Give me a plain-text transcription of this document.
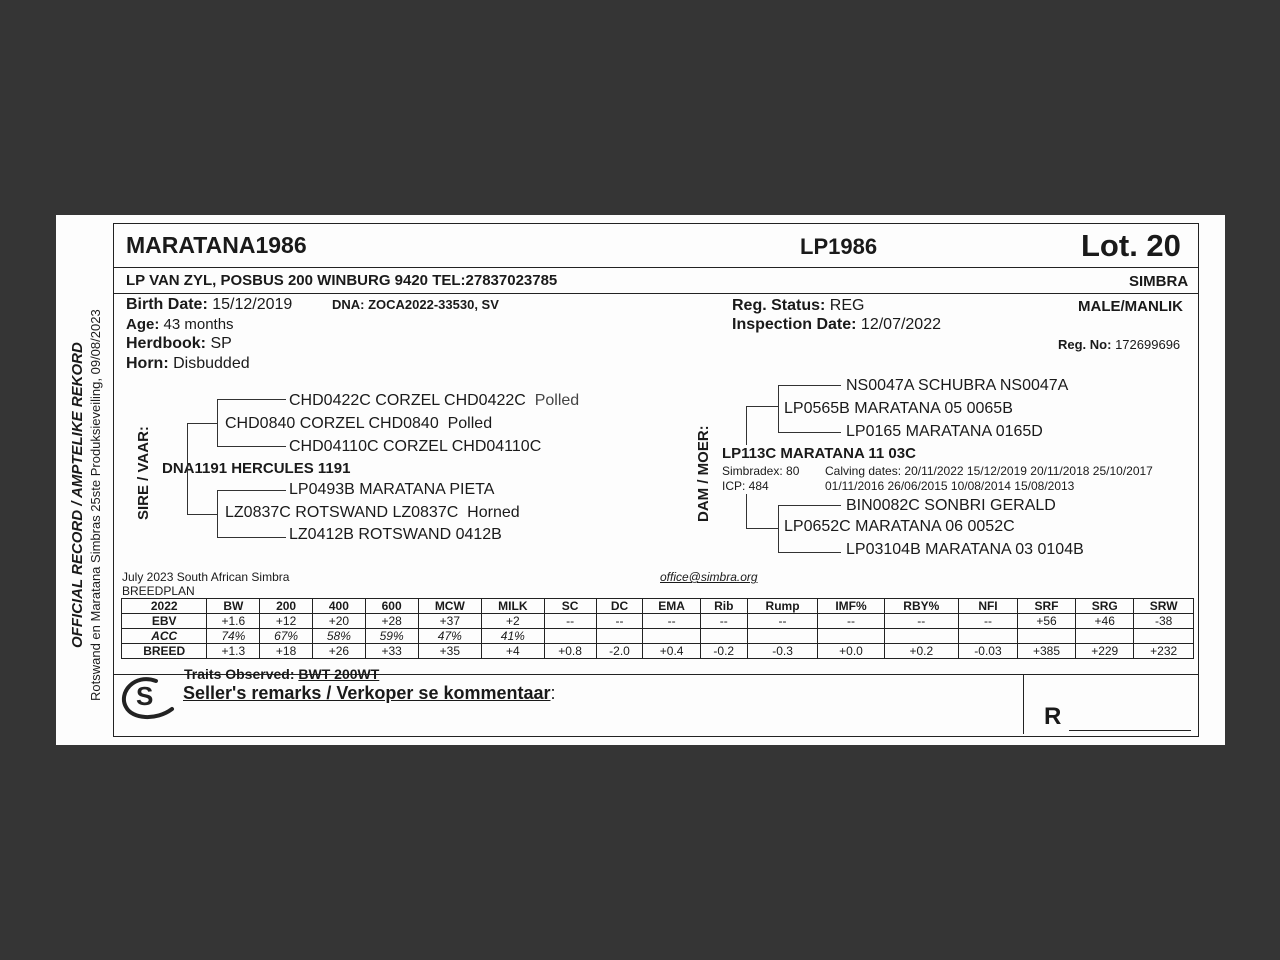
OFFICIAL RECORD / AMPTELIKE REKORD Rotswand en Maratana Simbras 25ste Produksieveiling, 09/08/2023
MARATANA1986	LP1986	Lot. 20
LP VAN ZYL, POSBUS 200 WINBURG 9420 TEL:27837023785	SIMBRA
Birth Date: 15/12/2019	DNA: ZOCA2022-33530, SV
Age: 43 months
Herdbook: SP
Horn: Disbudded
Reg. Status: REG
Inspection Date: 12/07/2022
MALE/MANLIK
Reg. No: 172699696
SIRE / VAAR: DNA1191 HERCULES 1191
CHD0840 CORZEL CHD0840 Polled
CHD0422C CORZEL CHD0422C Polled
CHD04110C CORZEL CHD04110C
LZ0837C ROTSWAND LZ0837C Horned
LP0493B MARATANA PIETA
LZ0412B ROTSWAND 0412B
DAM / MOER: LP113C MARATANA 11 03C
Simbradex: 80
ICP: 484
Calving dates: 20/11/2022 15/12/2019 20/11/2018 25/10/2017
01/11/2016 26/06/2015 10/08/2014 15/08/2013
LP0565B MARATANA 05 0065B
NS0047A SCHUBRA NS0047A
LP0165 MARATANA 0165D
LP0652C MARATANA 06 0052C
BIN0082C SONBRI GERALD
LP03104B MARATANA 03 0104B
July 2023 South African Simbra
BREEDPLAN
office@simbra.org
2022	BW	200	400	600	MCW	MILK	SC	DC	EMA	Rib	Rump	IMF%	RBY%	NFI	SRF	SRG	SRW
EBV	+1.6	+12	+20	+28	+37	+2	--	--	--	--	--	--	--	--	+56	+46	-38
ACC	74%	67%	58%	59%	47%	41%											
BREED	+1.3	+18	+26	+33	+35	+4	+0.8	-2.0	+0.4	-0.2	-0.3	+0.0	+0.2	-0.03	+385	+229	+232
S
Traits Observed: BWT 200WT
Seller's remarks / Verkoper se kommentaar:
R
